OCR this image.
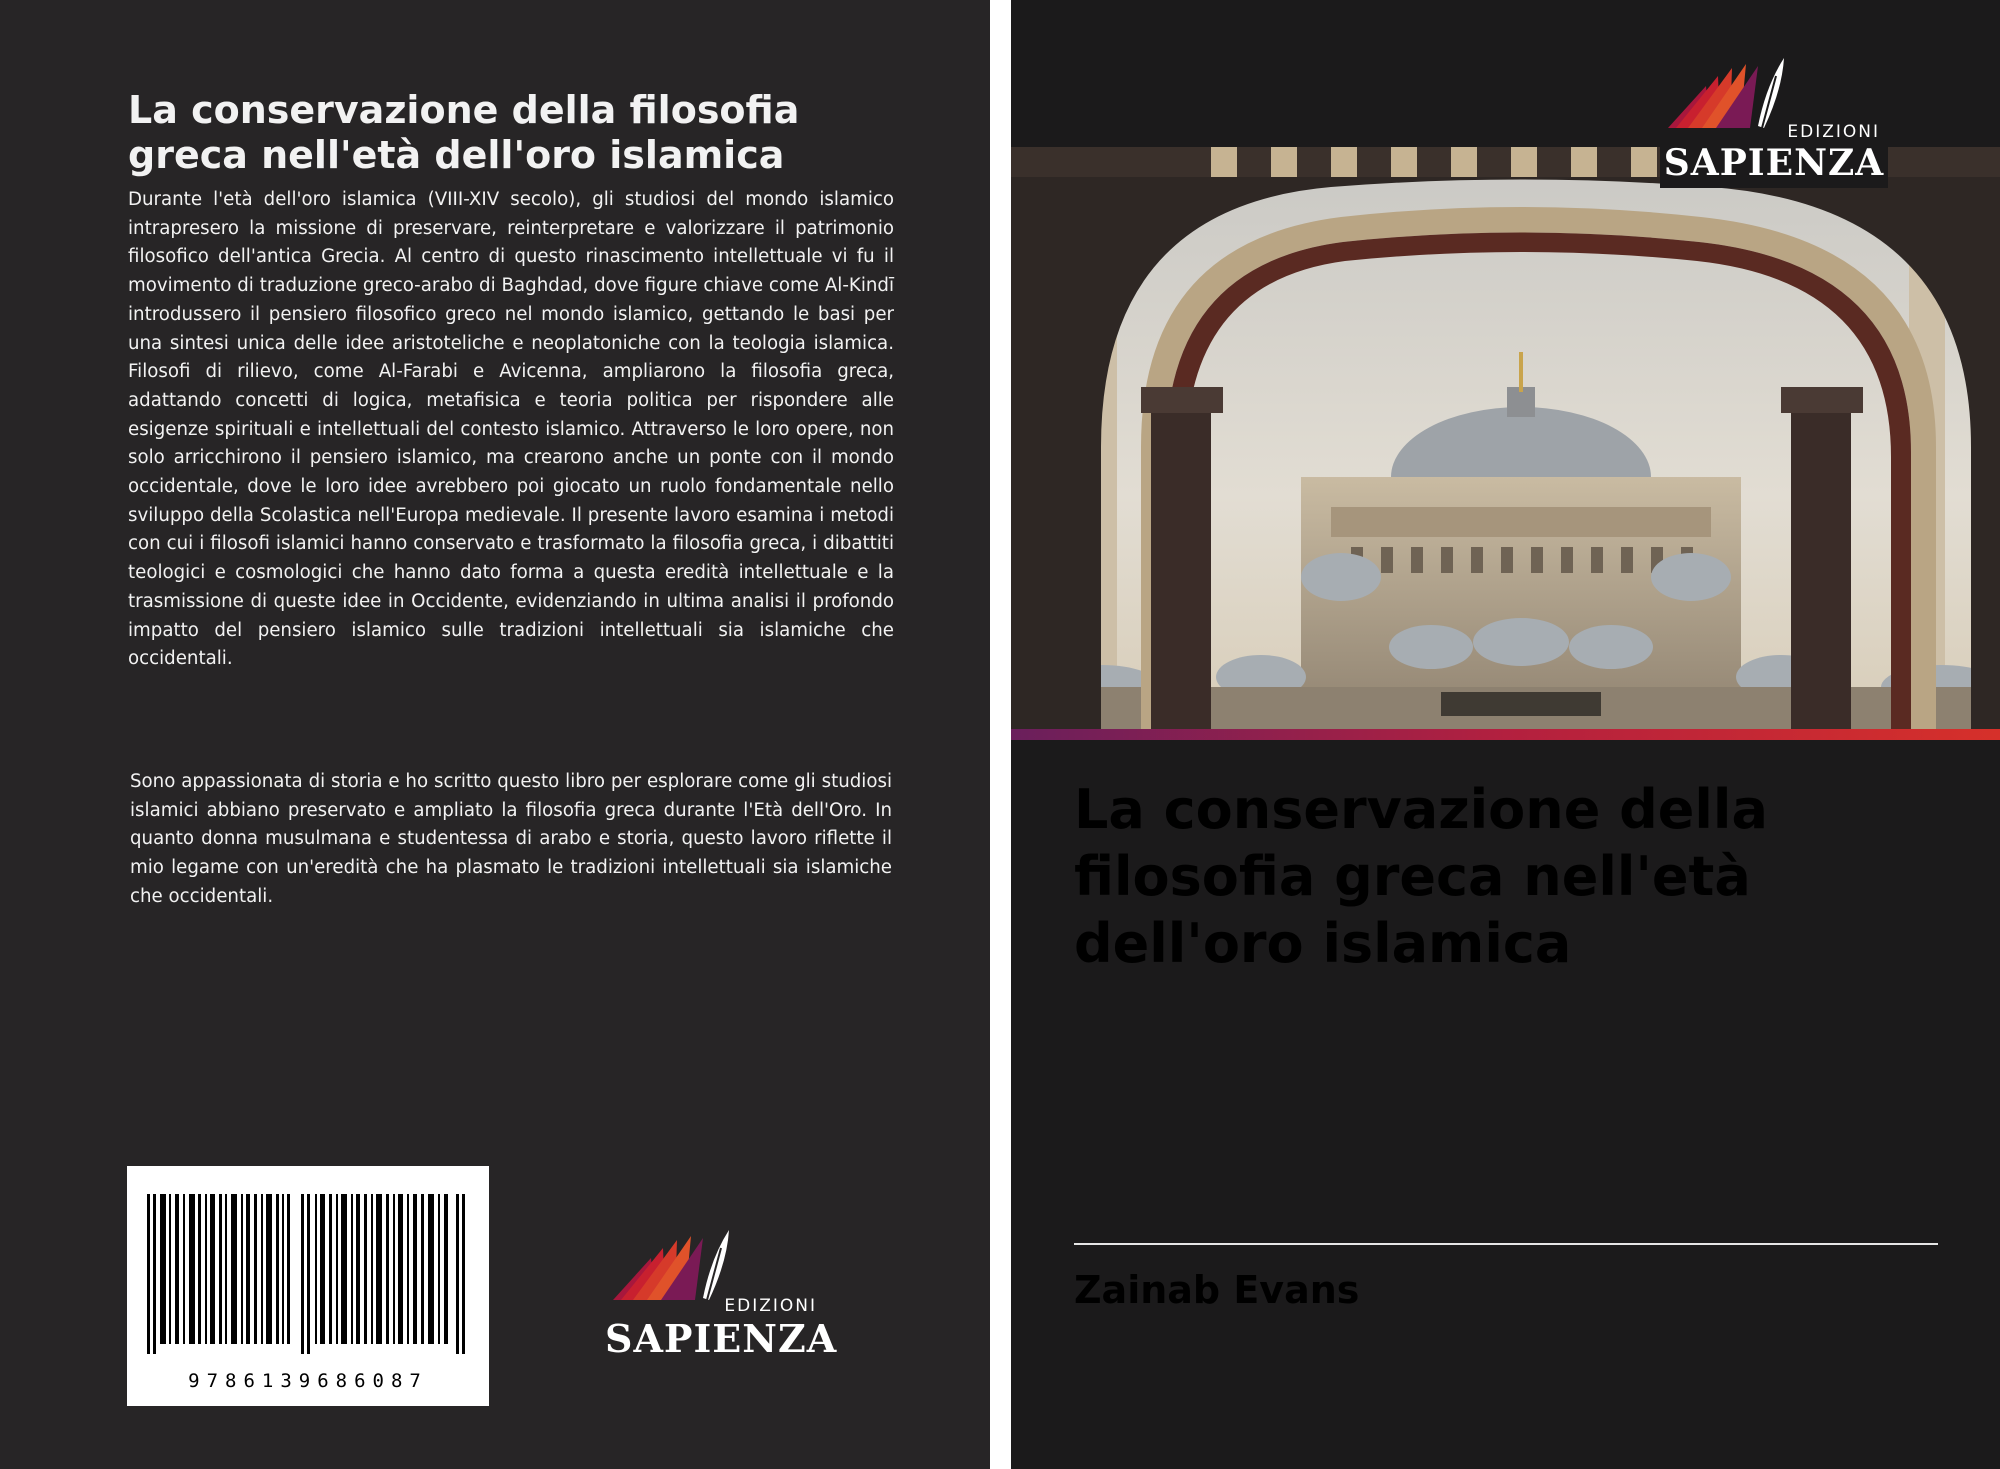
La conservazione della filosofia greca nell'età dell'oro islamica

Durante l'età dell'oro islamica (VIII-XIV secolo), gli studiosi del mondo islamico intrapresero la missione di preservare, reinterpretare e valorizzare il patrimonio filosofico dell'antica Grecia. Al centro di questo rinascimento intellettuale vi fu il movimento di traduzione greco-arabo di Baghdad, dove figure chiave come Al-Kindī introdussero il pensiero filosofico greco nel mondo islamico, gettando le basi per una sintesi unica delle idee aristoteliche e neoplatoniche con la teologia islamica. Filosofi di rilievo, come Al-Farabi e Avicenna, ampliarono la filosofia greca, adattando concetti di logica, metafisica e teoria politica per rispondere alle esigenze spirituali e intellettuali del contesto islamico. Attraverso le loro opere, non solo arricchirono il pensiero islamico, ma crearono anche un ponte con il mondo occidentale, dove le loro idee avrebbero poi giocato un ruolo fondamentale nello sviluppo della Scolastica nell'Europa medievale. Il presente lavoro esamina i metodi con cui i filosofi islamici hanno conservato e trasformato la filosofia greca, i dibattiti teologici e cosmologici che hanno dato forma a questa eredità intellettuale e la trasmissione di queste idee in Occidente, evidenziando in ultima analisi il profondo impatto del pensiero islamico sulle tradizioni intellettuali sia islamiche che occidentali.

Sono appassionata di storia e ho scritto questo libro per esplorare come gli studiosi islamici abbiano preservato e ampliato la filosofia greca durante l'Età dell'Oro. In quanto donna musulmana e studentessa di arabo e storia, questo lavoro riflette il mio legame con un'eredità che ha plasmato le tradizioni intellettuali sia islamiche che occidentali.

9786139686087
EDIZIONI
SAPIENZA
EDIZIONI
SAPIENZA
La conservazione della filosofia greca nell'età dell'oro islamica
Zainab Evans
